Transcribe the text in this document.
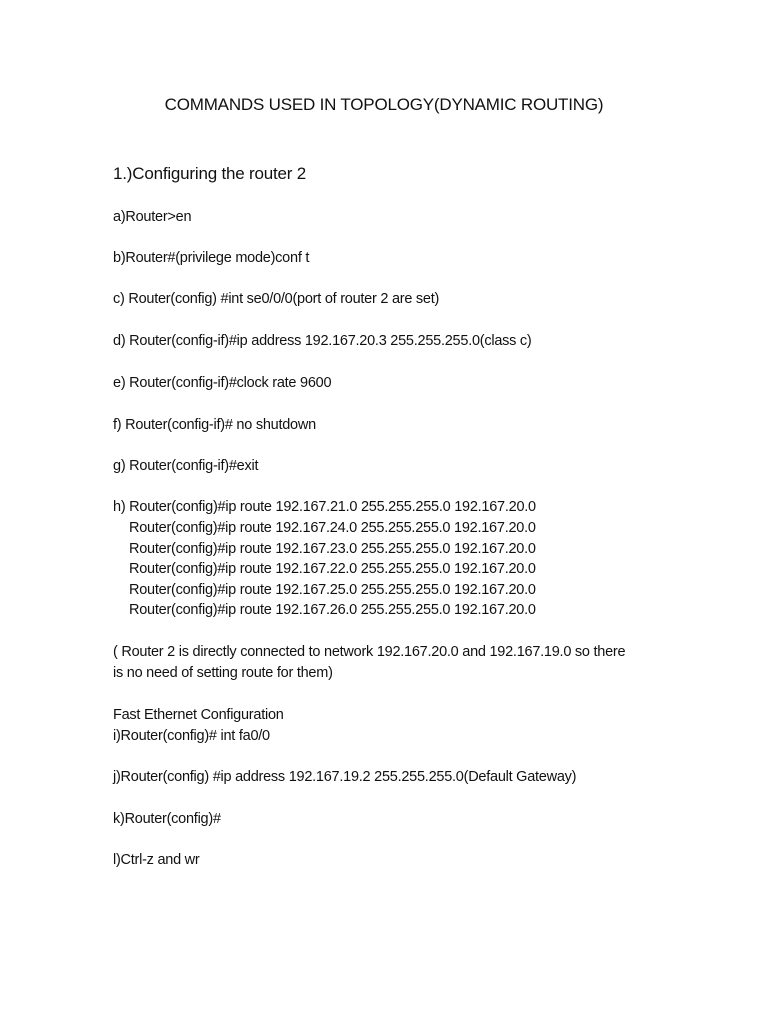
COMMANDS USED IN TOPOLOGY(DYNAMIC ROUTING)
1.)Configuring the router 2
a)Router>en
b)Router#(privilege mode)conf t
c) Router(config) #int se0/0/0(port of router 2 are set)
d) Router(config-if)#ip address 192.167.20.3 255.255.255.0(class c)
e) Router(config-if)#clock rate 9600
f) Router(config-if)# no shutdown
g) Router(config-if)#exit
h) Router(config)#ip route 192.167.21.0 255.255.255.0 192.167.20.0
Router(config)#ip route 192.167.24.0 255.255.255.0 192.167.20.0
Router(config)#ip route 192.167.23.0 255.255.255.0 192.167.20.0
Router(config)#ip route 192.167.22.0 255.255.255.0 192.167.20.0
Router(config)#ip route 192.167.25.0 255.255.255.0 192.167.20.0
Router(config)#ip route 192.167.26.0 255.255.255.0 192.167.20.0
( Router 2 is directly connected to network 192.167.20.0 and 192.167.19.0 so there
is no need of setting route for them)
Fast Ethernet Configuration
i)Router(config)# int fa0/0
j)Router(config) #ip address 192.167.19.2 255.255.255.0(Default Gateway)
k)Router(config)#
l)Ctrl-z and wr
